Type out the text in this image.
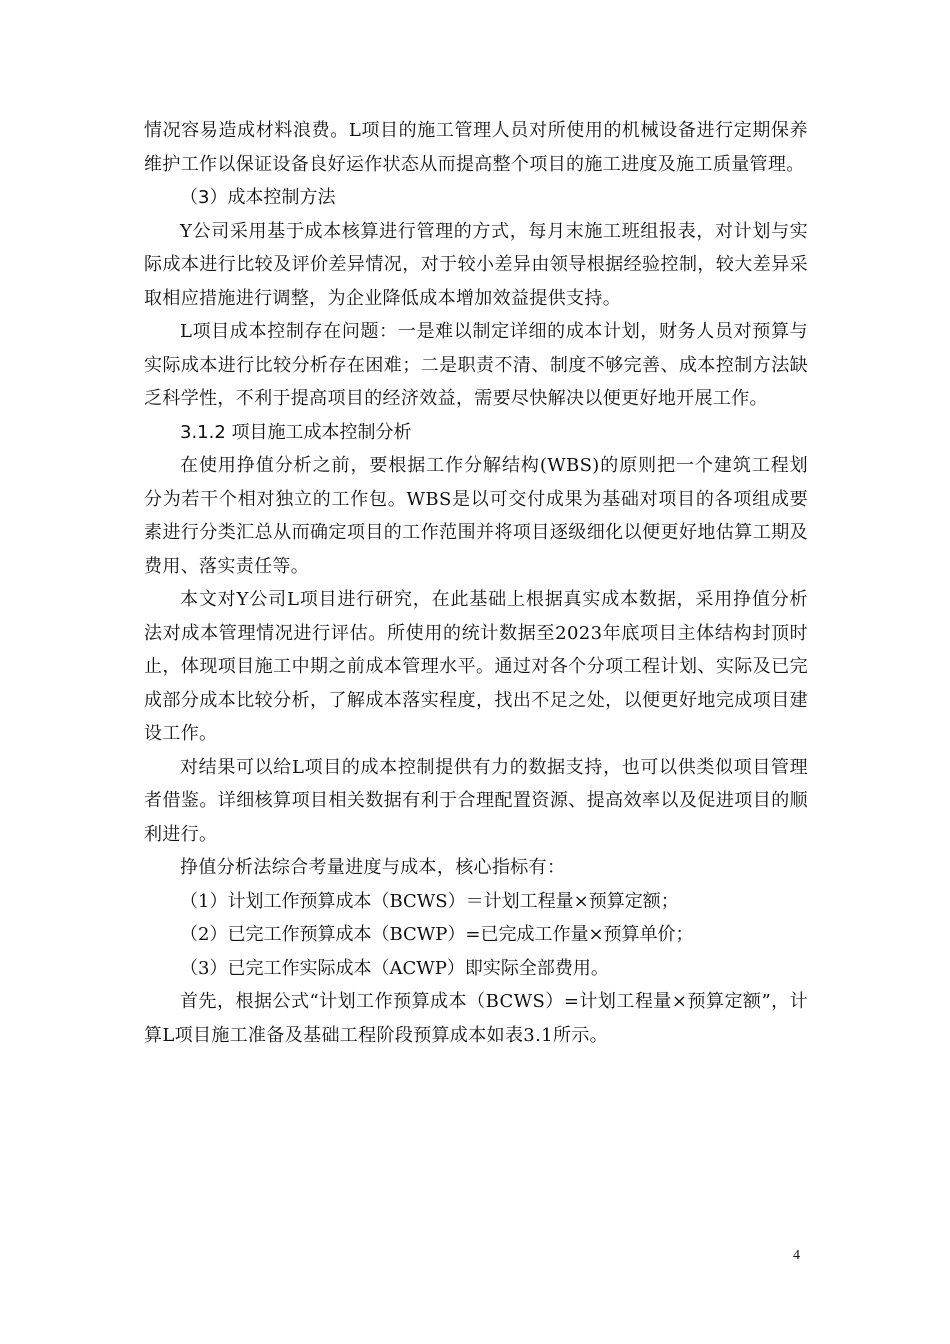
情况容易造成材料浪费。L项目的施工管理人员对所使用的机械设备进行定期保养维护工作以保证设备良好运作状态从而提高整个项目的施工进度及施工质量管理。

（3）成本控制方法

Y公司采用基于成本核算进行管理的方式，每月末施工班组报表，对计划与实际成本进行比较及评价差异情况，对于较小差异由领导根据经验控制，较大差异采取相应措施进行调整，为企业降低成本增加效益提供支持。

L项目成本控制存在问题：一是难以制定详细的成本计划，财务人员对预算与实际成本进行比较分析存在困难；二是职责不清、制度不够完善、成本控制方法缺乏科学性，不利于提高项目的经济效益，需要尽快解决以便更好地开展工作。

3.1.2 项目施工成本控制分析

在使用挣值分析之前，要根据工作分解结构(WBS)的原则把一个建筑工程划分为若干个相对独立的工作包。WBS是以可交付成果为基础对项目的各项组成要素进行分类汇总从而确定项目的工作范围并将项目逐级细化以便更好地估算工期及费用、落实责任等。

本文对Y公司L项目进行研究，在此基础上根据真实成本数据，采用挣值分析法对成本管理情况进行评估。所使用的统计数据至2023年底项目主体结构封顶时止，体现项目施工中期之前成本管理水平。通过对各个分项工程计划、实际及已完成部分成本比较分析，了解成本落实程度，找出不足之处，以便更好地完成项目建设工作。

对结果可以给L项目的成本控制提供有力的数据支持，也可以供类似项目管理者借鉴。详细核算项目相关数据有利于合理配置资源、提高效率以及促进项目的顺利进行。

挣值分析法综合考量进度与成本，核心指标有：

（1）计划工作预算成本（BCWS）＝计划工程量×预算定额；

（2）已完工作预算成本（BCWP）=已完成工作量×预算单价；

（3）已完工作实际成本（ACWP）即实际全部费用。

首先，根据公式“计划工作预算成本（BCWS）=计划工程量×预算定额”，计算L项目施工准备及基础工程阶段预算成本如表3.1所示。

4
